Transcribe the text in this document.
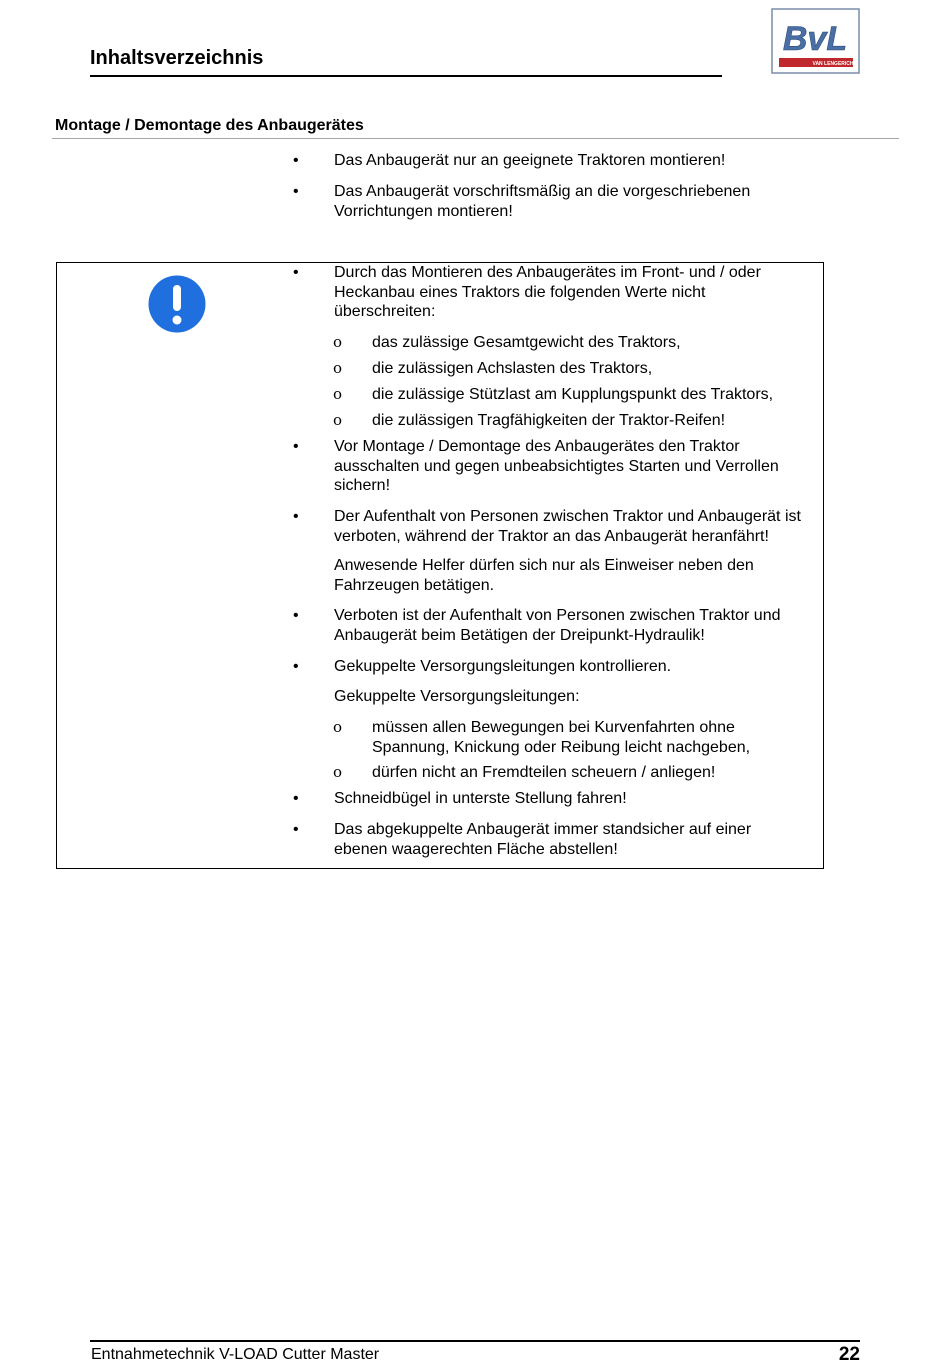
Inhaltsverzeichnis	BvL
VAN LENGERICH
Montage / Demontage des Anbaugerätes
• Das Anbaugerät nur an geeignete Traktoren montieren!
• Das Anbaugerät vorschriftsmäßig an die vorgeschriebenen Vorrichtungen montieren!
• Durch das Montieren des Anbaugerätes im Front- und / oder Heckanbau eines Traktors die folgenden Werte nicht überschreiten:
ο das zulässige Gesamtgewicht des Traktors,
ο die zulässigen Achslasten des Traktors,
ο die zulässige Stützlast am Kupplungspunkt des Traktors,
ο die zulässigen Tragfähigkeiten der Traktor-Reifen!
• Vor Montage / Demontage des Anbaugerätes den Traktor ausschalten und gegen unbeabsichtigtes Starten und Verrollen sichern!
• Der Aufenthalt von Personen zwischen Traktor und Anbaugerät ist verboten, während der Traktor an das Anbaugerät heranfährt!
Anwesende Helfer dürfen sich nur als Einweiser neben den Fahrzeugen betätigen.
• Verboten ist der Aufenthalt von Personen zwischen Traktor und Anbaugerät beim Betätigen der Dreipunkt-Hydraulik!
• Gekuppelte Versorgungsleitungen kontrollieren.
Gekuppelte Versorgungsleitungen:
ο müssen allen Bewegungen bei Kurvenfahrten ohne Spannung, Knickung oder Reibung leicht nachgeben,
ο dürfen nicht an Fremdteilen scheuern / anliegen!
• Schneidbügel in unterste Stellung fahren!
• Das abgekuppelte Anbaugerät immer standsicher auf einer ebenen waagerechten Fläche abstellen!
Entnahmetechnik V-LOAD Cutter Master	22
